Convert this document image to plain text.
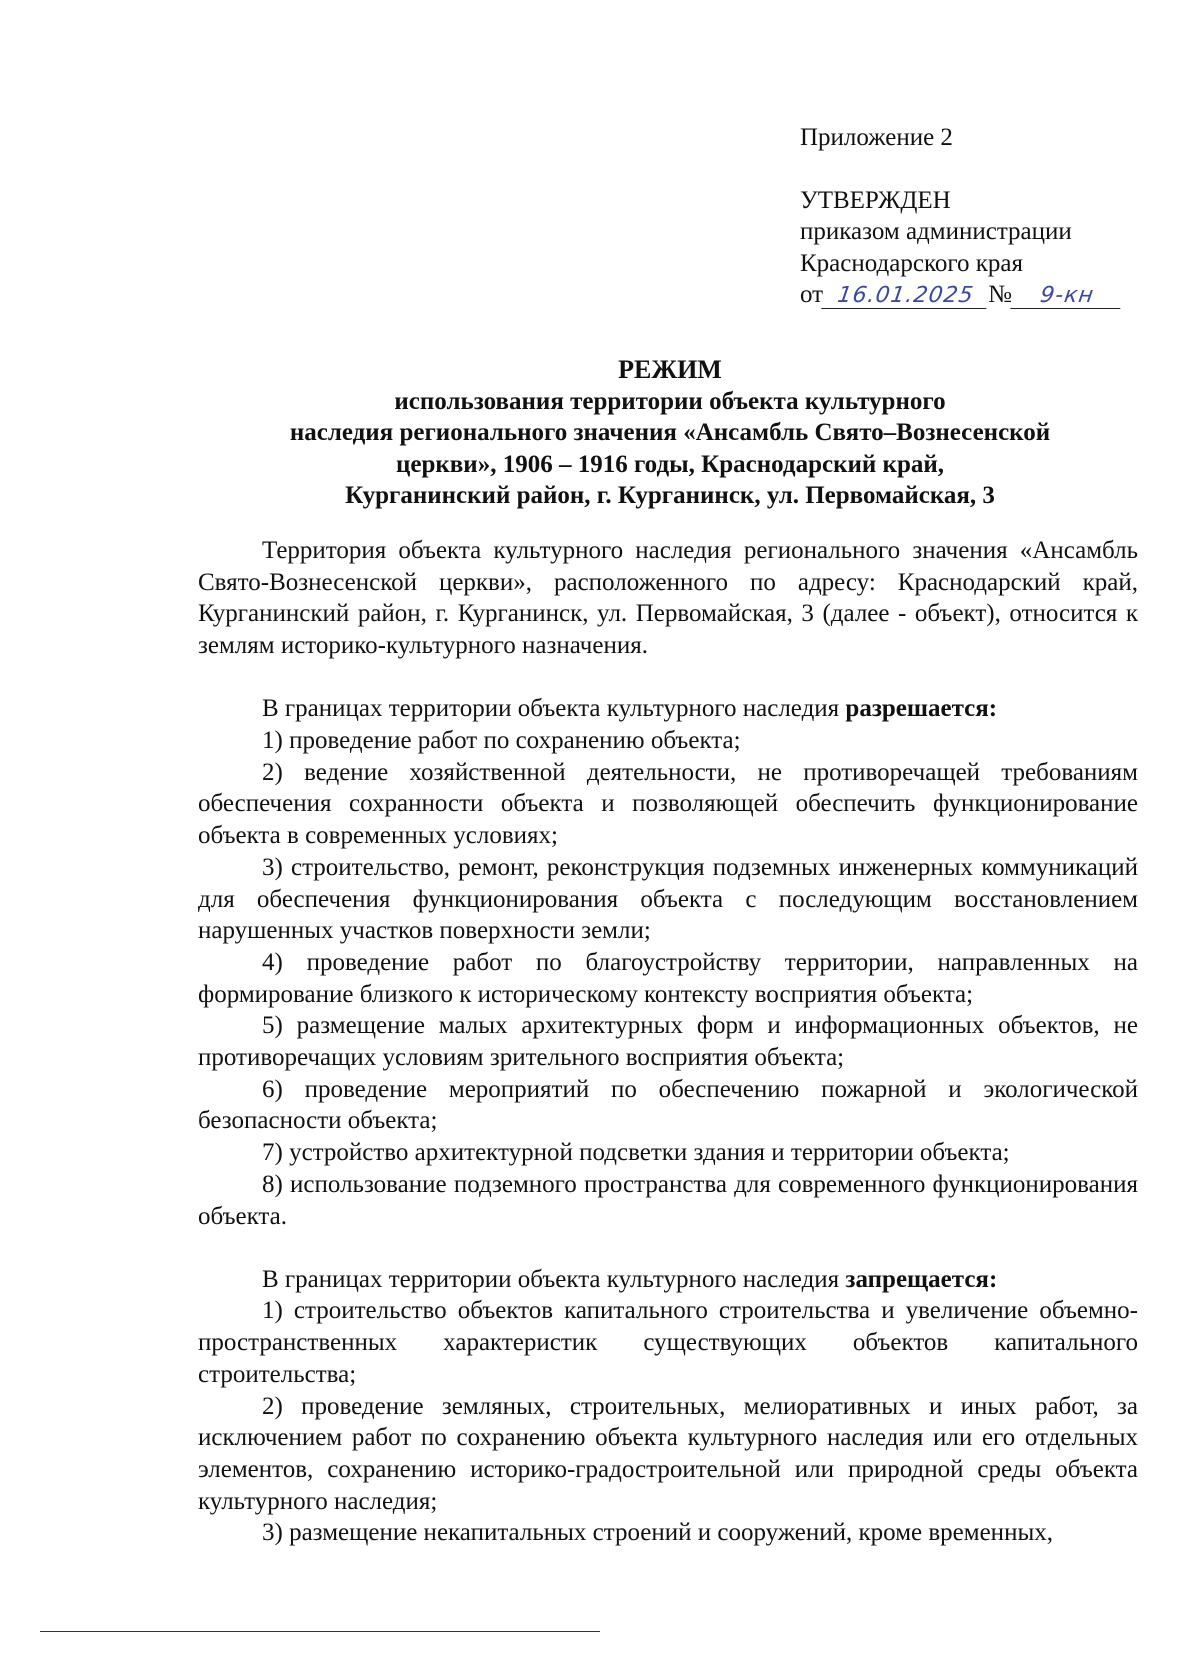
Приложение 2
УТВЕРЖДЕН
приказом администрации
Краснодарского края
от 16.01.2025 № 9-кн
РЕЖИМ
использования территории объекта культурного
наследия регионального значения «Ансамбль Свято–Вознесенской
церкви», 1906 – 1916 годы, Краснодарский край,
Курганинский район, г. Курганинск, ул. Первомайская, 3

Территория объекта культурного наследия регионального значения «Ансамбль Свято-Вознесенской церкви», расположенного по адресу: Краснодарский край, Курганинский район, г. Курганинск, ул. Первомайская, 3 (далее - объект), относится к землям историко-культурного назначения.

В границах территории объекта культурного наследия разрешается:

1) проведение работ по сохранению объекта;

2) ведение хозяйственной деятельности, не противоречащей требованиям обеспечения сохранности объекта и позволяющей обеспечить функционирование объекта в современных условиях;

3) строительство, ремонт, реконструкция подземных инженерных коммуникаций для обеспечения функционирования объекта с последующим восстановлением нарушенных участков поверхности земли;

4) проведение работ по благоустройству территории, направленных на формирование близкого к историческому контексту восприятия объекта;

5) размещение малых архитектурных форм и информационных объектов, не противоречащих условиям зрительного восприятия объекта;

6) проведение мероприятий по обеспечению пожарной и экологической безопасности объекта;

7) устройство архитектурной подсветки здания и территории объекта;

8) использование подземного пространства для современного функционирования объекта.

В границах территории объекта культурного наследия запрещается:

1) строительство объектов капитального строительства и увеличение объемно-пространственных характеристик существующих объектов капитального строительства;

2) проведение земляных, строительных, мелиоративных и иных работ, за исключением работ по сохранению объекта культурного наследия или его отдельных элементов, сохранению историко-градостроительной или природной среды объекта культурного наследия;

3) размещение некапитальных строений и сооружений, кроме временных,
